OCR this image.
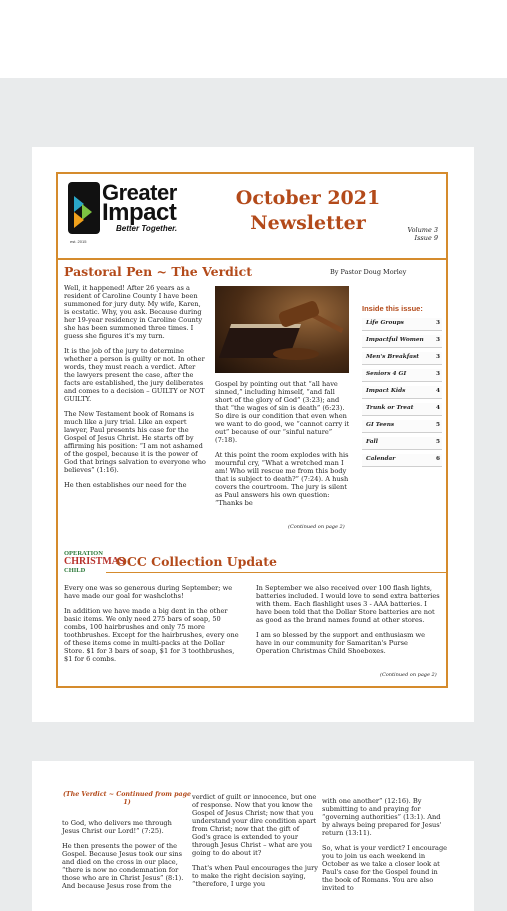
Greater
Impact
Better Together.
est. 2015
October 2021 Newsletter	Volume 3
Issue 9
Pastoral Pen ~ The Verdict	By Pastor Doug Morley

Well, it happened! After 26 years as a resident of Caroline County I have been summoned for jury duty. My wife, Karen, is ecstatic. Why, you ask. Because during her 19-year residency in Caroline County she has been summoned three times. I guess she figures it's my turn.

It is the job of the jury to determine whether a person is guilty or not. In other words, they must reach a verdict. After the lawyers present the case, after the facts are established, the jury deliberates and comes to a decision – GUILTY or NOT GUILTY.

The New Testament book of Romans is much like a jury trial. Like an expert lawyer, Paul presents his case for the Gospel of Jesus Christ. He starts off by affirming his position: “I am not ashamed of the gospel, because it is the power of God that brings salvation to everyone who believes” (1:16).

He then establishes our need for the

Gospel by pointing out that “all have sinned,” including himself, “and fall short of the glory of God” (3:23); and that “the wages of sin is death” (6:23). So dire is our condition that even when we want to do good, we “cannot carry it out” because of our “sinful nature” (7:18).

At this point the room explodes with his mournful cry, “What a wretched man I am! Who will rescue me from this body that is subject to death?” (7:24). A hush covers the courtroom. The jury is silent as Paul answers his own question: “Thanks be

(Continued on page 2)
Inside this issue:
Life Groups	3
Impactful Women	3
Men's Breakfast	3
Seniors 4 GI	3
Impact Kids	4
Trunk or Treat	4
GI Teens	5
Fall	5
Calendar	6
OPERATION
CHRISTMAS
CHILD
OCC Collection Update

Every one was so generous during September; we have made our goal for washcloths!

In addition we have made a big dent in the other basic items. We only need 275 bars of soap, 50 combs, 100 hairbrushes and only 75 more toothbrushes. Except for the hairbrushes, every one of these items come in multi-packs at the Dollar Store. $1 for 3 bars of soap, $1 for 3 toothbrushes, $1 for 6 combs.

In September we also received over 100 flash lights, batteries included. I would love to send extra batteries with them. Each flashlight uses 3 - AAA batteries. I have been told that the Dollar Store batteries are not as good as the brand names found at other stores.

I am so blessed by the support and enthusiasm we have in our community for Samaritan's Purse Operation Christmas Child Shoeboxes.

(Continued on page 2)
(The Verdict ~ Continued from page 1)

to God, who delivers me through Jesus Christ our Lord!” (7:25).

He then presents the power of the Gospel. Because Jesus took our sins and died on the cross in our place, “there is now no condemnation for those who are in Christ Jesus” (8:1). And because Jesus rose from the

verdict of guilt or innocence, but one of response. Now that you know the Gospel of Jesus Christ; now that you understand your dire condition apart from Christ; now that the gift of God's grace is extended to your through Jesus Christ – what are you going to do about it?

That's when Paul encourages the jury to make the right decision saying, “therefore, I urge you

with one another” (12:16). By submitting to and praying for “governing authorities” (13:1). And by always being prepared for Jesus' return (13:11).

So, what is your verdict? I encourage you to join us each weekend in October as we take a closer look at Paul's case for the Gospel found in the book of Romans. You are also invited to
